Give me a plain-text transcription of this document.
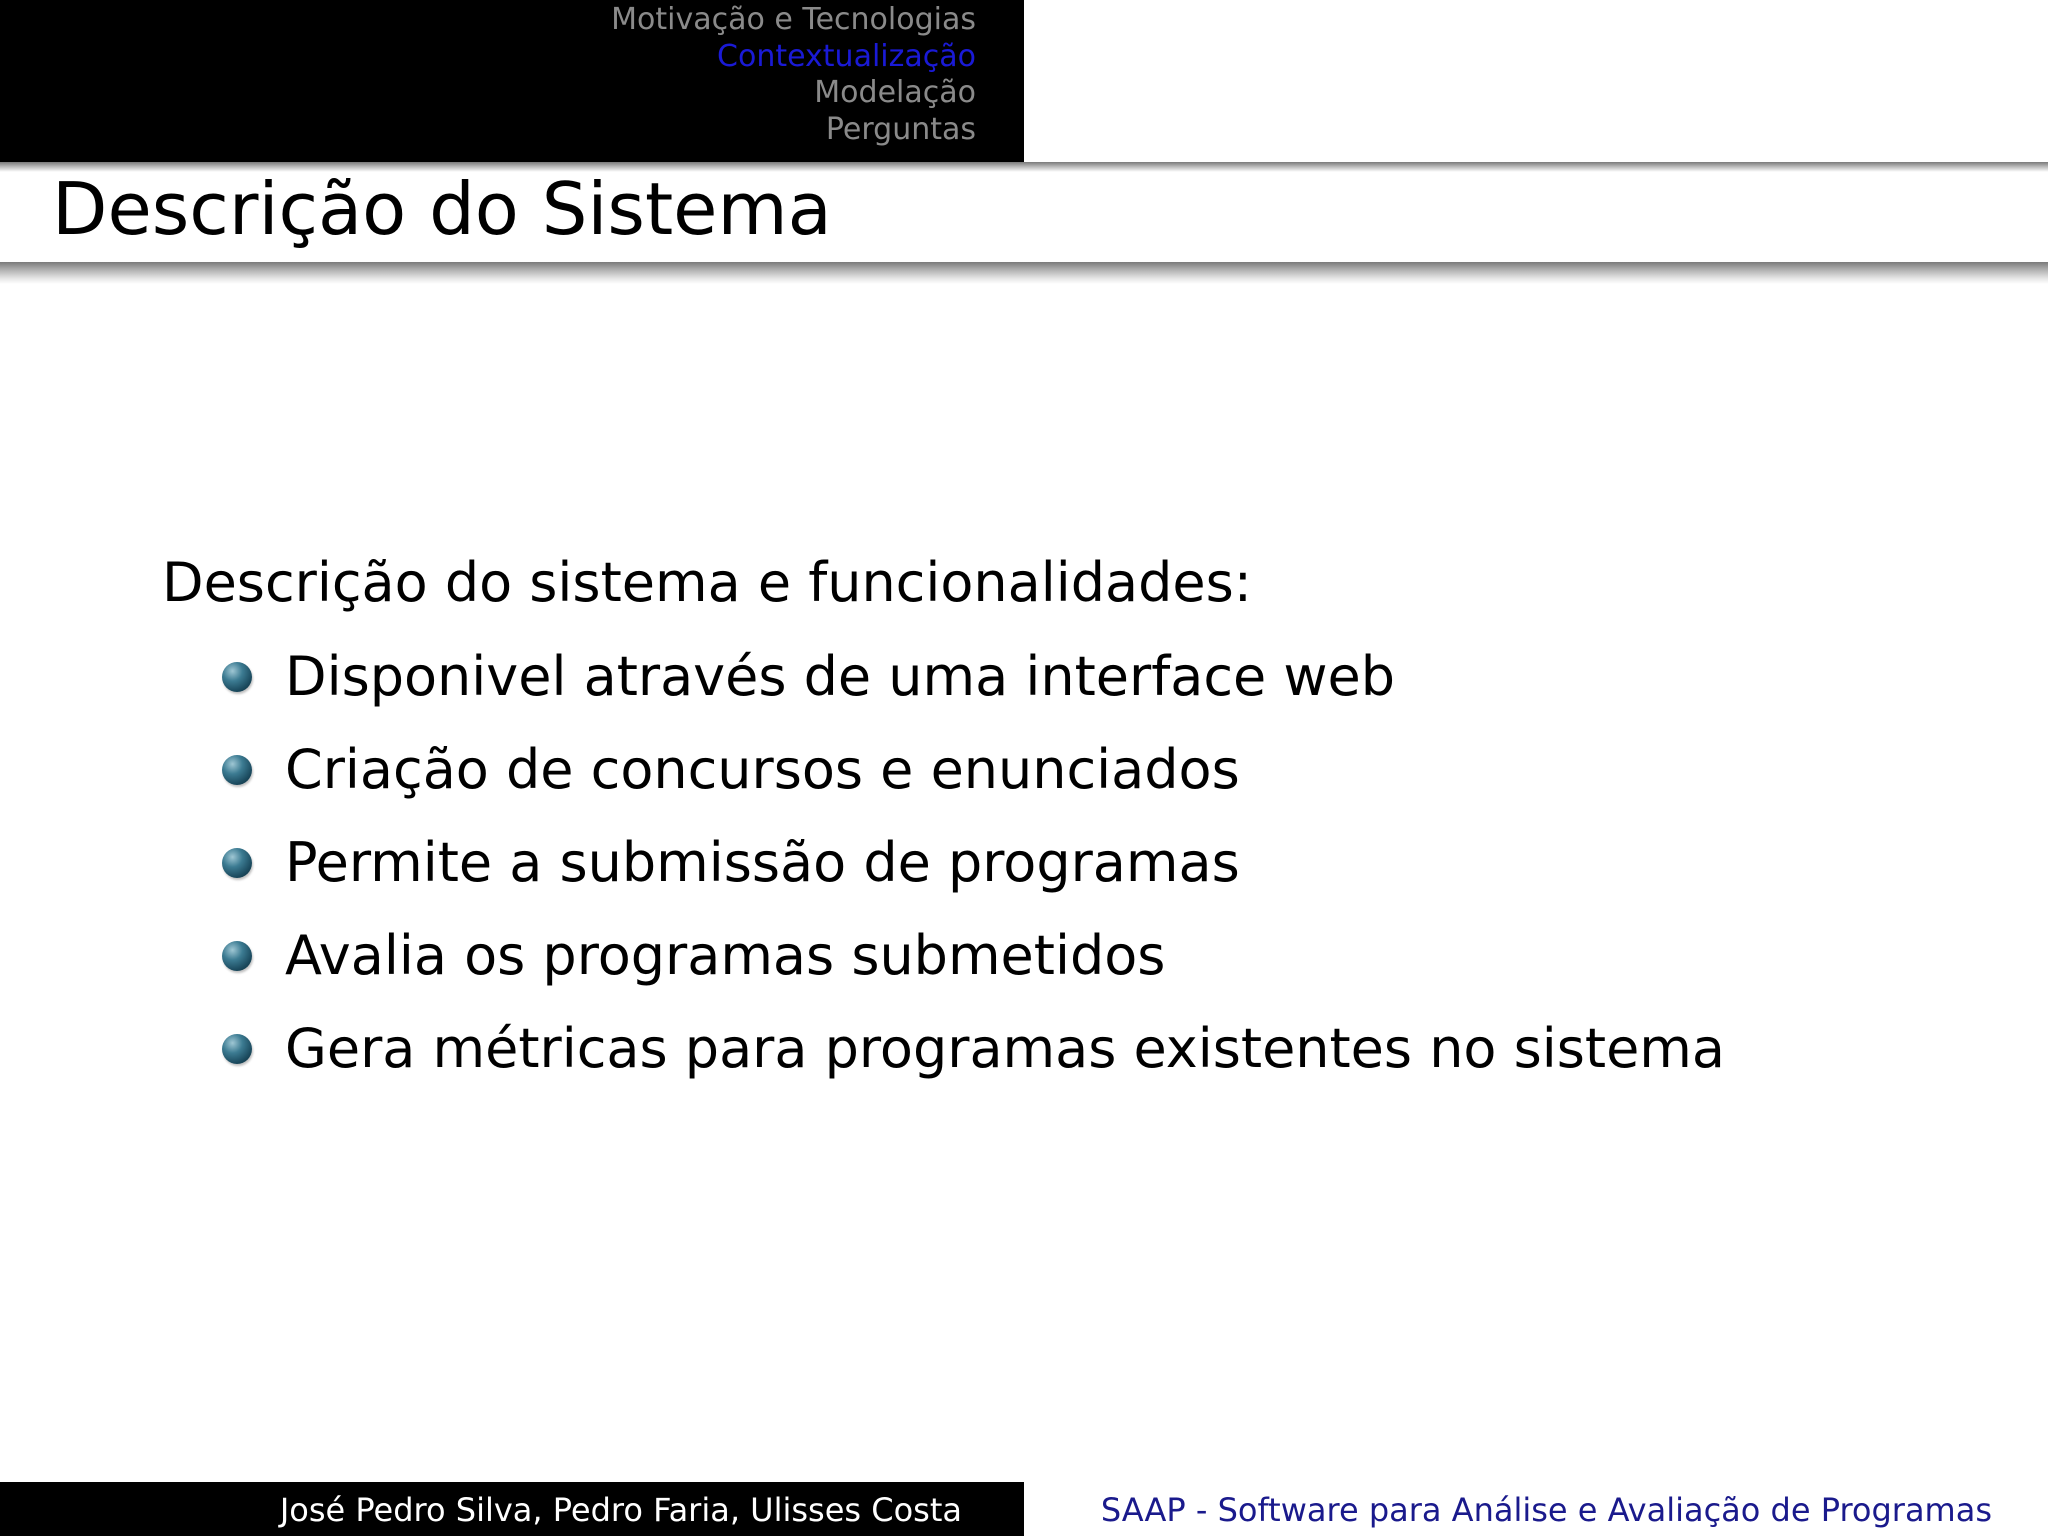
Motivação e Tecnologias
Contextualização
Modelação
Perguntas
Descrição do Sistema
Descrição do sistema e funcionalidades:
Disponivel através de uma interface web
Criação de concursos e enunciados
Permite a submissão de programas
Avalia os programas submetidos
Gera métricas para programas existentes no sistema
José Pedro Silva, Pedro Faria, Ulisses Costa	SAAP - Software para Análise e Avaliação de Programas
